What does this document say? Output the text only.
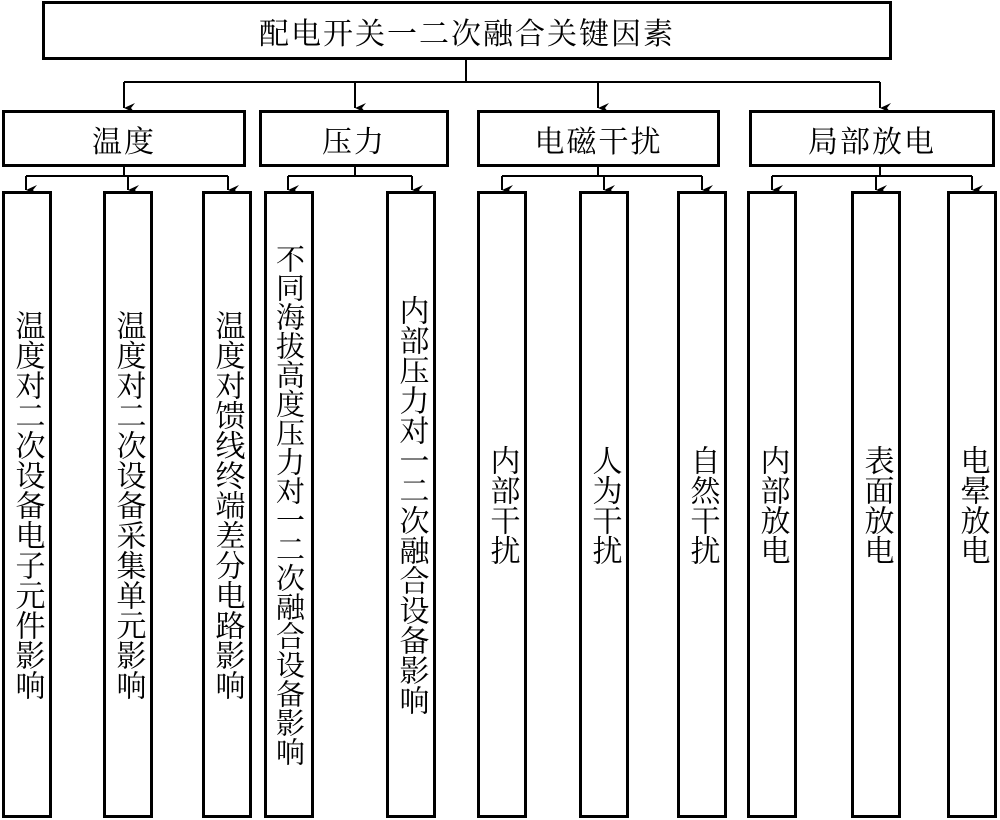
配电开关一二次融合关键因素
温度	压力	电磁干扰	局部放电
温度对二次设备电子元件影响 温度对二次设备采集单元影响 温度对馈线终端差分电路影响 不同海拔高度压力对一二次融合设备影响	内部压力对一二次融合设备影响 内部干扰 人为干扰 自然干扰 内部放电 表面放电 电晕放电
